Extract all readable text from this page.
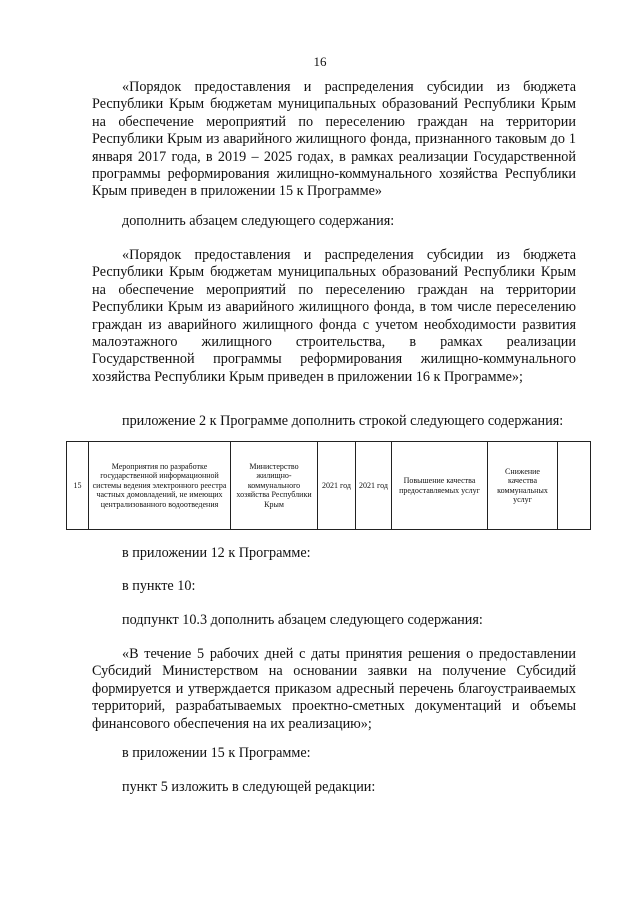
16

«Порядок предоставления и распределения субсидии из бюджета Республики Крым бюджетам муниципальных образований Республики Крым на обеспечение мероприятий по переселению граждан на территории Республики Крым из аварийного жилищного фонда, признанного таковым до 1 января 2017 года, в 2019 – 2025 годах, в рамках реализации Государственной программы реформирования жилищно-коммунального хозяйства Республики Крым приведен в приложении 15 к Программе»

дополнить абзацем следующего содержания:

«Порядок предоставления и распределения субсидии из бюджета Республики Крым бюджетам муниципальных образований Республики Крым на обеспечение мероприятий по переселению граждан на территории Республики Крым из аварийного жилищного фонда, в том числе переселению граждан из аварийного жилищного фонда с учетом необходимости развития малоэтажного жилищного строительства, в рамках реализации Государственной программы реформирования жилищно-коммунального хозяйства Республики Крым приведен в приложении 16 к Программе»;

приложение 2 к Программе дополнить строкой следующего содержания:

15	Мероприятия по разработке государственной информационной системы ведения электронного реестра частных домовладений, не имеющих централизованного водоотведения	Министерство жилищно-коммунального хозяйства Республики Крым	2021 год	2021 год	Повышение качества предоставляемых услуг	Снижение качества коммунальных услуг	

в приложении 12 к Программе:

в пункте 10:

подпункт 10.3 дополнить абзацем следующего содержания:

«В течение 5 рабочих дней с даты принятия решения о предоставлении Субсидий Министерством на основании заявки на получение Субсидий формируется и утверждается приказом адресный перечень благоустраиваемых территорий, разрабатываемых проектно-сметных документаций и объемы финансового обеспечения на их реализацию»;

в приложении 15 к Программе:

пункт 5 изложить в следующей редакции:
